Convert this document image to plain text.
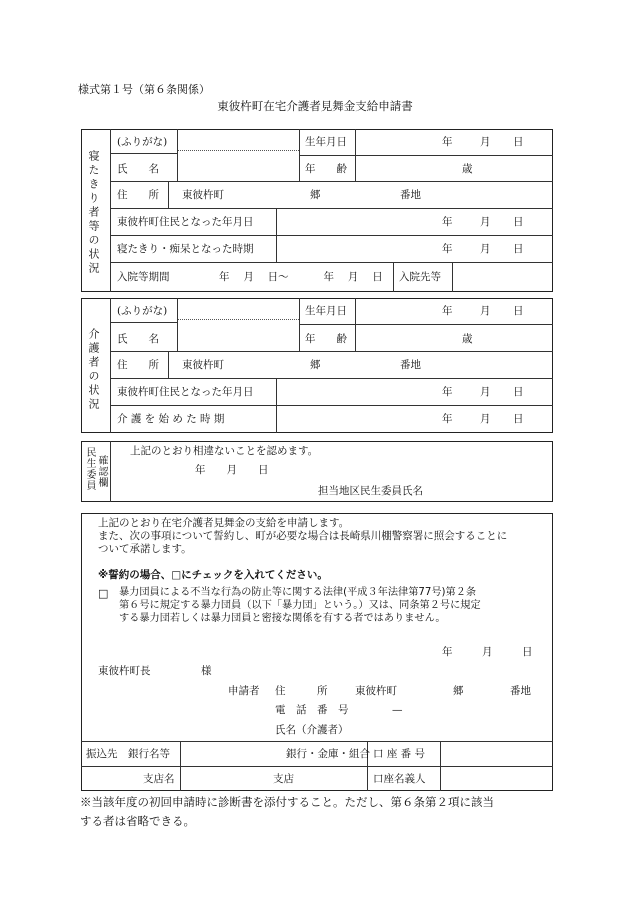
様式第１号（第６条関係）
東彼杵町在宅介護者見舞金支給申請書
寝たきり者等の状況
(ふりがな)	生年月日	年	月 日
氏　　名	年　　齢	歳
住　　所 東彼杵町	郷	番地
東彼杵町住民となった年月日	年	月 日
寝たきり・痴呆となった時期	年	月 日
入院等期間	年　 月　 日～　　　 年　 月　 日 入院先等
介護者の状況
(ふりがな)	生年月日	年	月 日
氏　　名	年　　齢	歳
住　　所 東彼杵町	郷	番地
東彼杵町住民となった年月日	年	月 日
介 護 を 始 め た 時 期	年	月 日
民生委員 確認欄
上記のとおり相違ないことを認めます。
年　　月　　日
担当地区民生委員氏名
上記のとおり在宅介護者見舞金の支給を申請します。
また、次の事項について誓約し、町が必要な場合は長崎県川棚警察署に照会することに
ついて承諾します。
※誓約の場合、□にチェックを入れてください。
□ 暴力団員による不当な行為の防止等に関する法律(平成３年法律第77号)第２条
第６号に規定する暴力団員（以下「暴力団」という。）又は、同条第２号に規定
する暴力団若しくは暴力団員と密接な関係を有する者ではありません。
年	月	日
東彼杵町長	様
申請者 住　　　所	東彼杵町	郷	番地
電　話　番　号	—
氏名（介護者）
振込先　銀行名等	銀行・金庫・組合 口 座 番 号
支店名	支店	口座名義人
※当該年度の初回申請時に診断書を添付すること。ただし、第６条第２項に該当
する者は省略できる。
